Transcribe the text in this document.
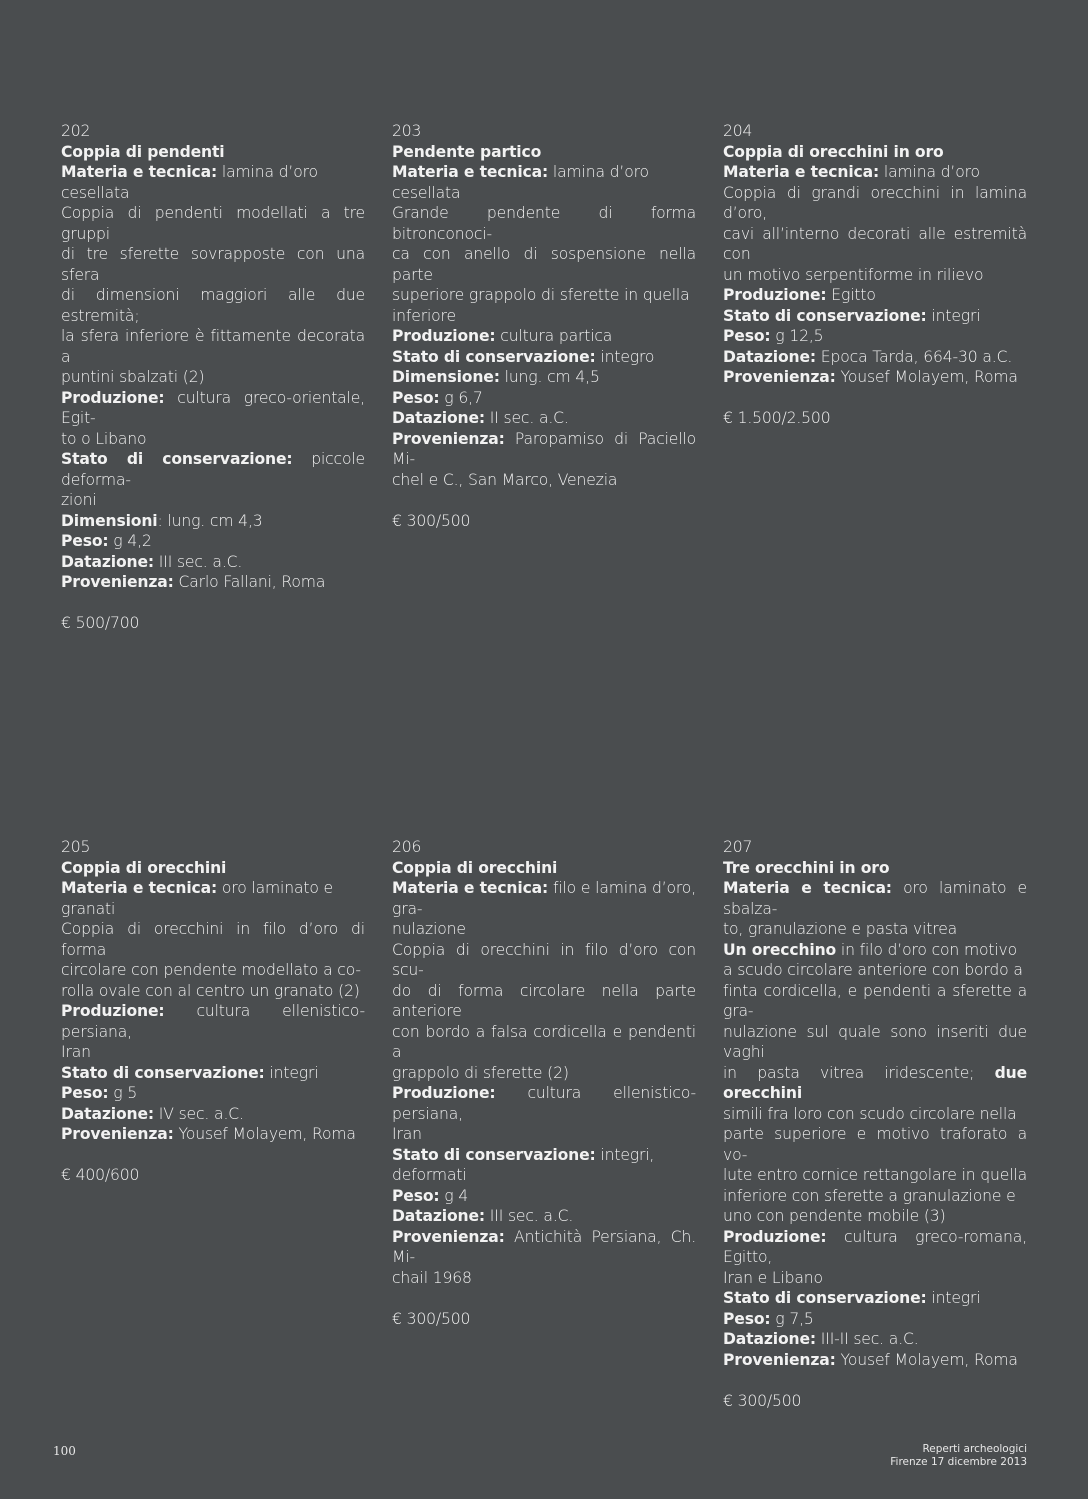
202
Coppia di pendenti
Materia e tecnica: lamina d’oro cesellata
Coppia di pendenti modellati a tre gruppi
di tre sferette sovrapposte con una sfera
di dimensioni maggiori alle due estremità;
la sfera inferiore è fittamente decorata a
puntini sbalzati (2)
Produzione: cultura greco-orientale, Egit-
to o Libano
Stato di conservazione: piccole deforma-
zioni
Dimensioni: lung. cm 4,3
Peso: g 4,2
Datazione: III sec. a.C.
Provenienza: Carlo Fallani, Roma
€ 500/700
203
Pendente partico
Materia e tecnica: lamina d’oro cesellata
Grande pendente di forma bitronconoci-
ca con anello di sospensione nella parte
superiore grappolo di sferette in quella
inferiore
Produzione: cultura partica
Stato di conservazione: integro
Dimensione: lung. cm 4,5
Peso: g 6,7
Datazione: II sec. a.C.
Provenienza: Paropamiso di Paciello Mi-
chel e C., San Marco, Venezia
€ 300/500
204
Coppia di orecchini in oro
Materia e tecnica: lamina d’oro
Coppia di grandi orecchini in lamina d’oro,
cavi all’interno decorati alle estremità con
un motivo serpentiforme in rilievo
Produzione: Egitto
Stato di conservazione: integri
Peso: g 12,5
Datazione: Epoca Tarda, 664-30 a.C.
Provenienza: Yousef Molayem, Roma
€ 1.500/2.500
205
Coppia di orecchini
Materia e tecnica: oro laminato e granati
Coppia di orecchini in filo d’oro di forma
circolare con pendente modellato a co-
rolla ovale con al centro un granato (2)
Produzione: cultura ellenistico-persiana,
Iran
Stato di conservazione: integri
Peso: g 5
Datazione: IV sec. a.C.
Provenienza: Yousef Molayem, Roma
€ 400/600
206
Coppia di orecchini
Materia e tecnica: filo e lamina d’oro, gra-
nulazione
Coppia di orecchini in filo d’oro con scu-
do di forma circolare nella parte anteriore
con bordo a falsa cordicella e pendenti a
grappolo di sferette (2)
Produzione: cultura ellenistico-persiana,
Iran
Stato di conservazione: integri, deformati
Peso: g 4
Datazione: III sec. a.C.
Provenienza: Antichità Persiana, Ch. Mi-
chail 1968
€ 300/500
207
Tre orecchini in oro
Materia e tecnica: oro laminato e sbalza-
to, granulazione e pasta vitrea
Un orecchino in filo d’oro con motivo
a scudo circolare anteriore con bordo a
finta cordicella, e pendenti a sferette a gra-
nulazione sul quale sono inseriti due vaghi
in pasta vitrea iridescente; due orecchini
simili fra loro con scudo circolare nella
parte superiore e motivo traforato a vo-
lute entro cornice rettangolare in quella
inferiore con sferette a granulazione e
uno con pendente mobile (3)
Produzione: cultura greco-romana, Egitto,
Iran e Libano
Stato di conservazione: integri
Peso: g 7,5
Datazione: III-II sec. a.C.
Provenienza: Yousef Molayem, Roma
€ 300/500
100	Reperti archeologici
Firenze 17 dicembre 2013
